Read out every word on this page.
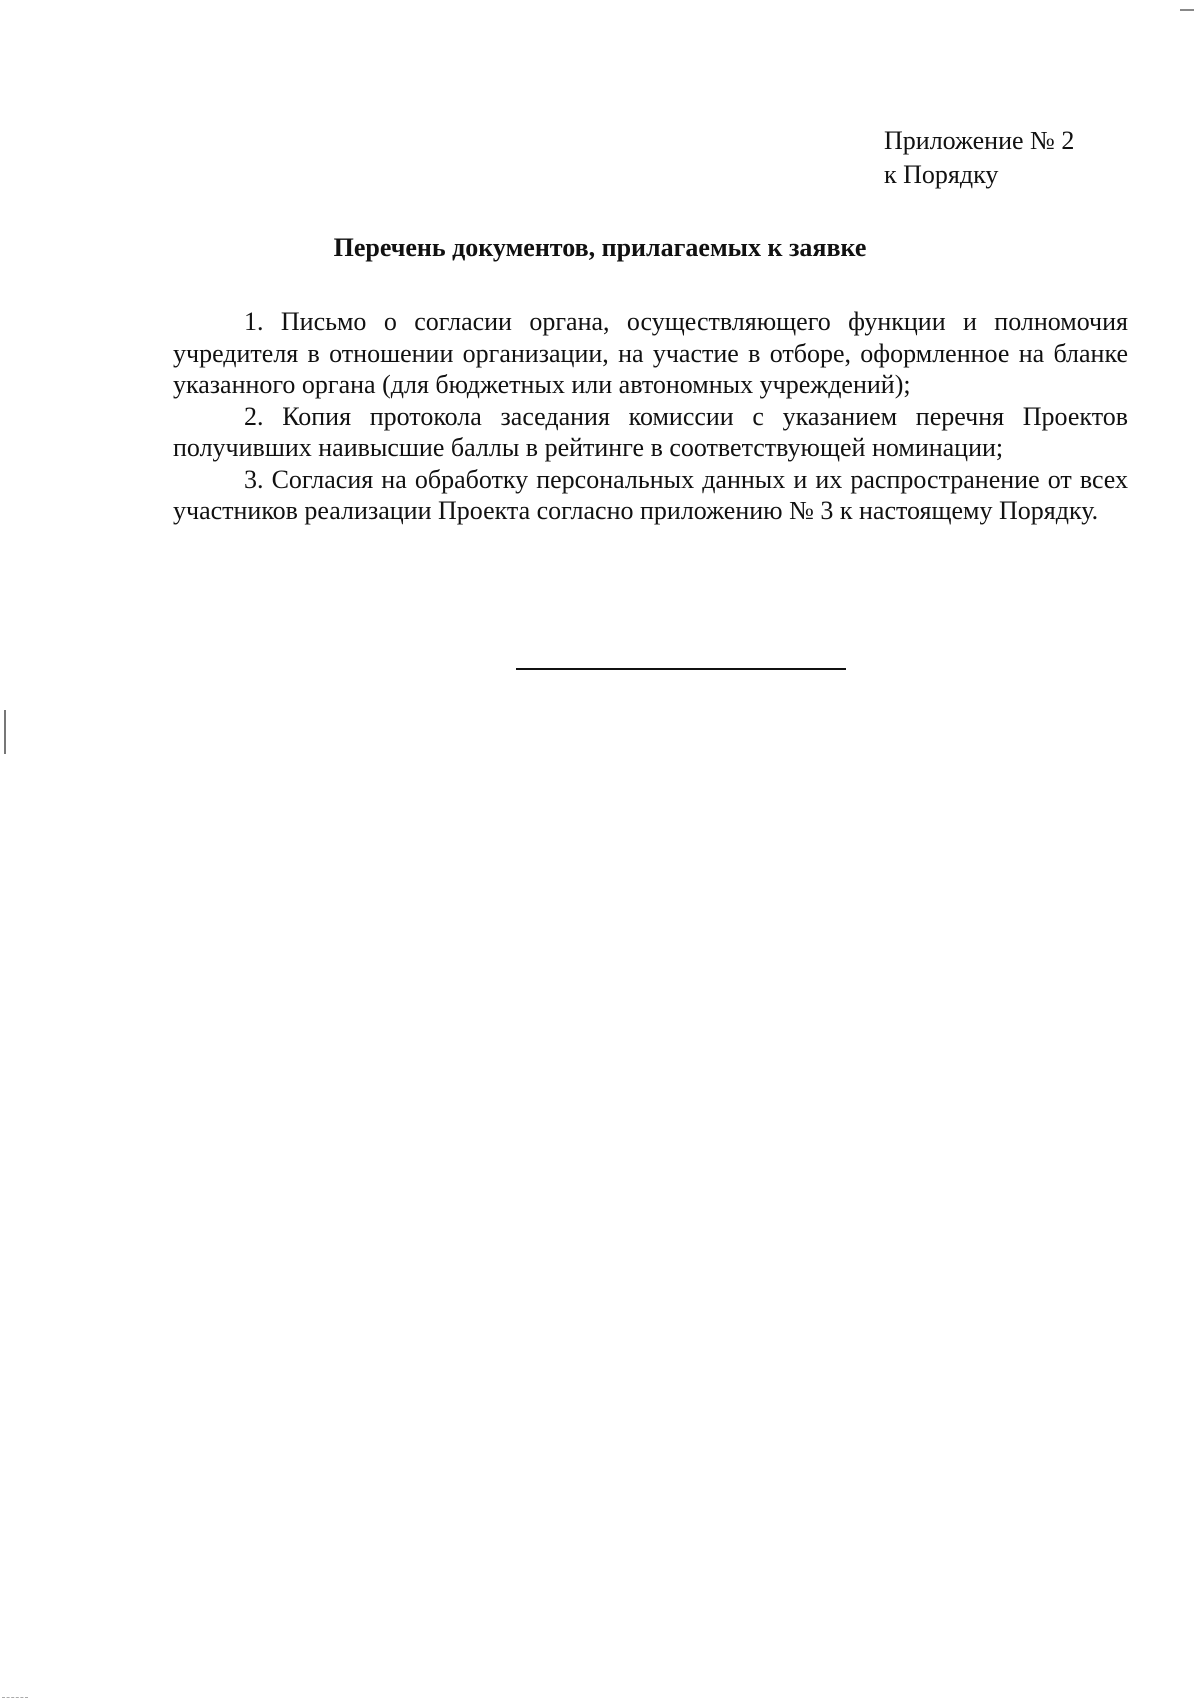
Приложение № 2
к Порядку
Перечень документов, прилагаемых к заявке

1. Письмо о согласии органа, осуществляющего функции и полномочия учредителя в отношении организации, на участие в отборе, оформленное на бланке указанного органа (для бюджетных или автономных учреждений);

2. Копия протокола заседания комиссии с указанием перечня Проектов получивших наивысшие баллы в рейтинге в соответствующей номинации;

3. Согласия на обработку персональных данных и их распространение от всех участников реализации Проекта согласно приложению № 3 к настоящему Порядку.
